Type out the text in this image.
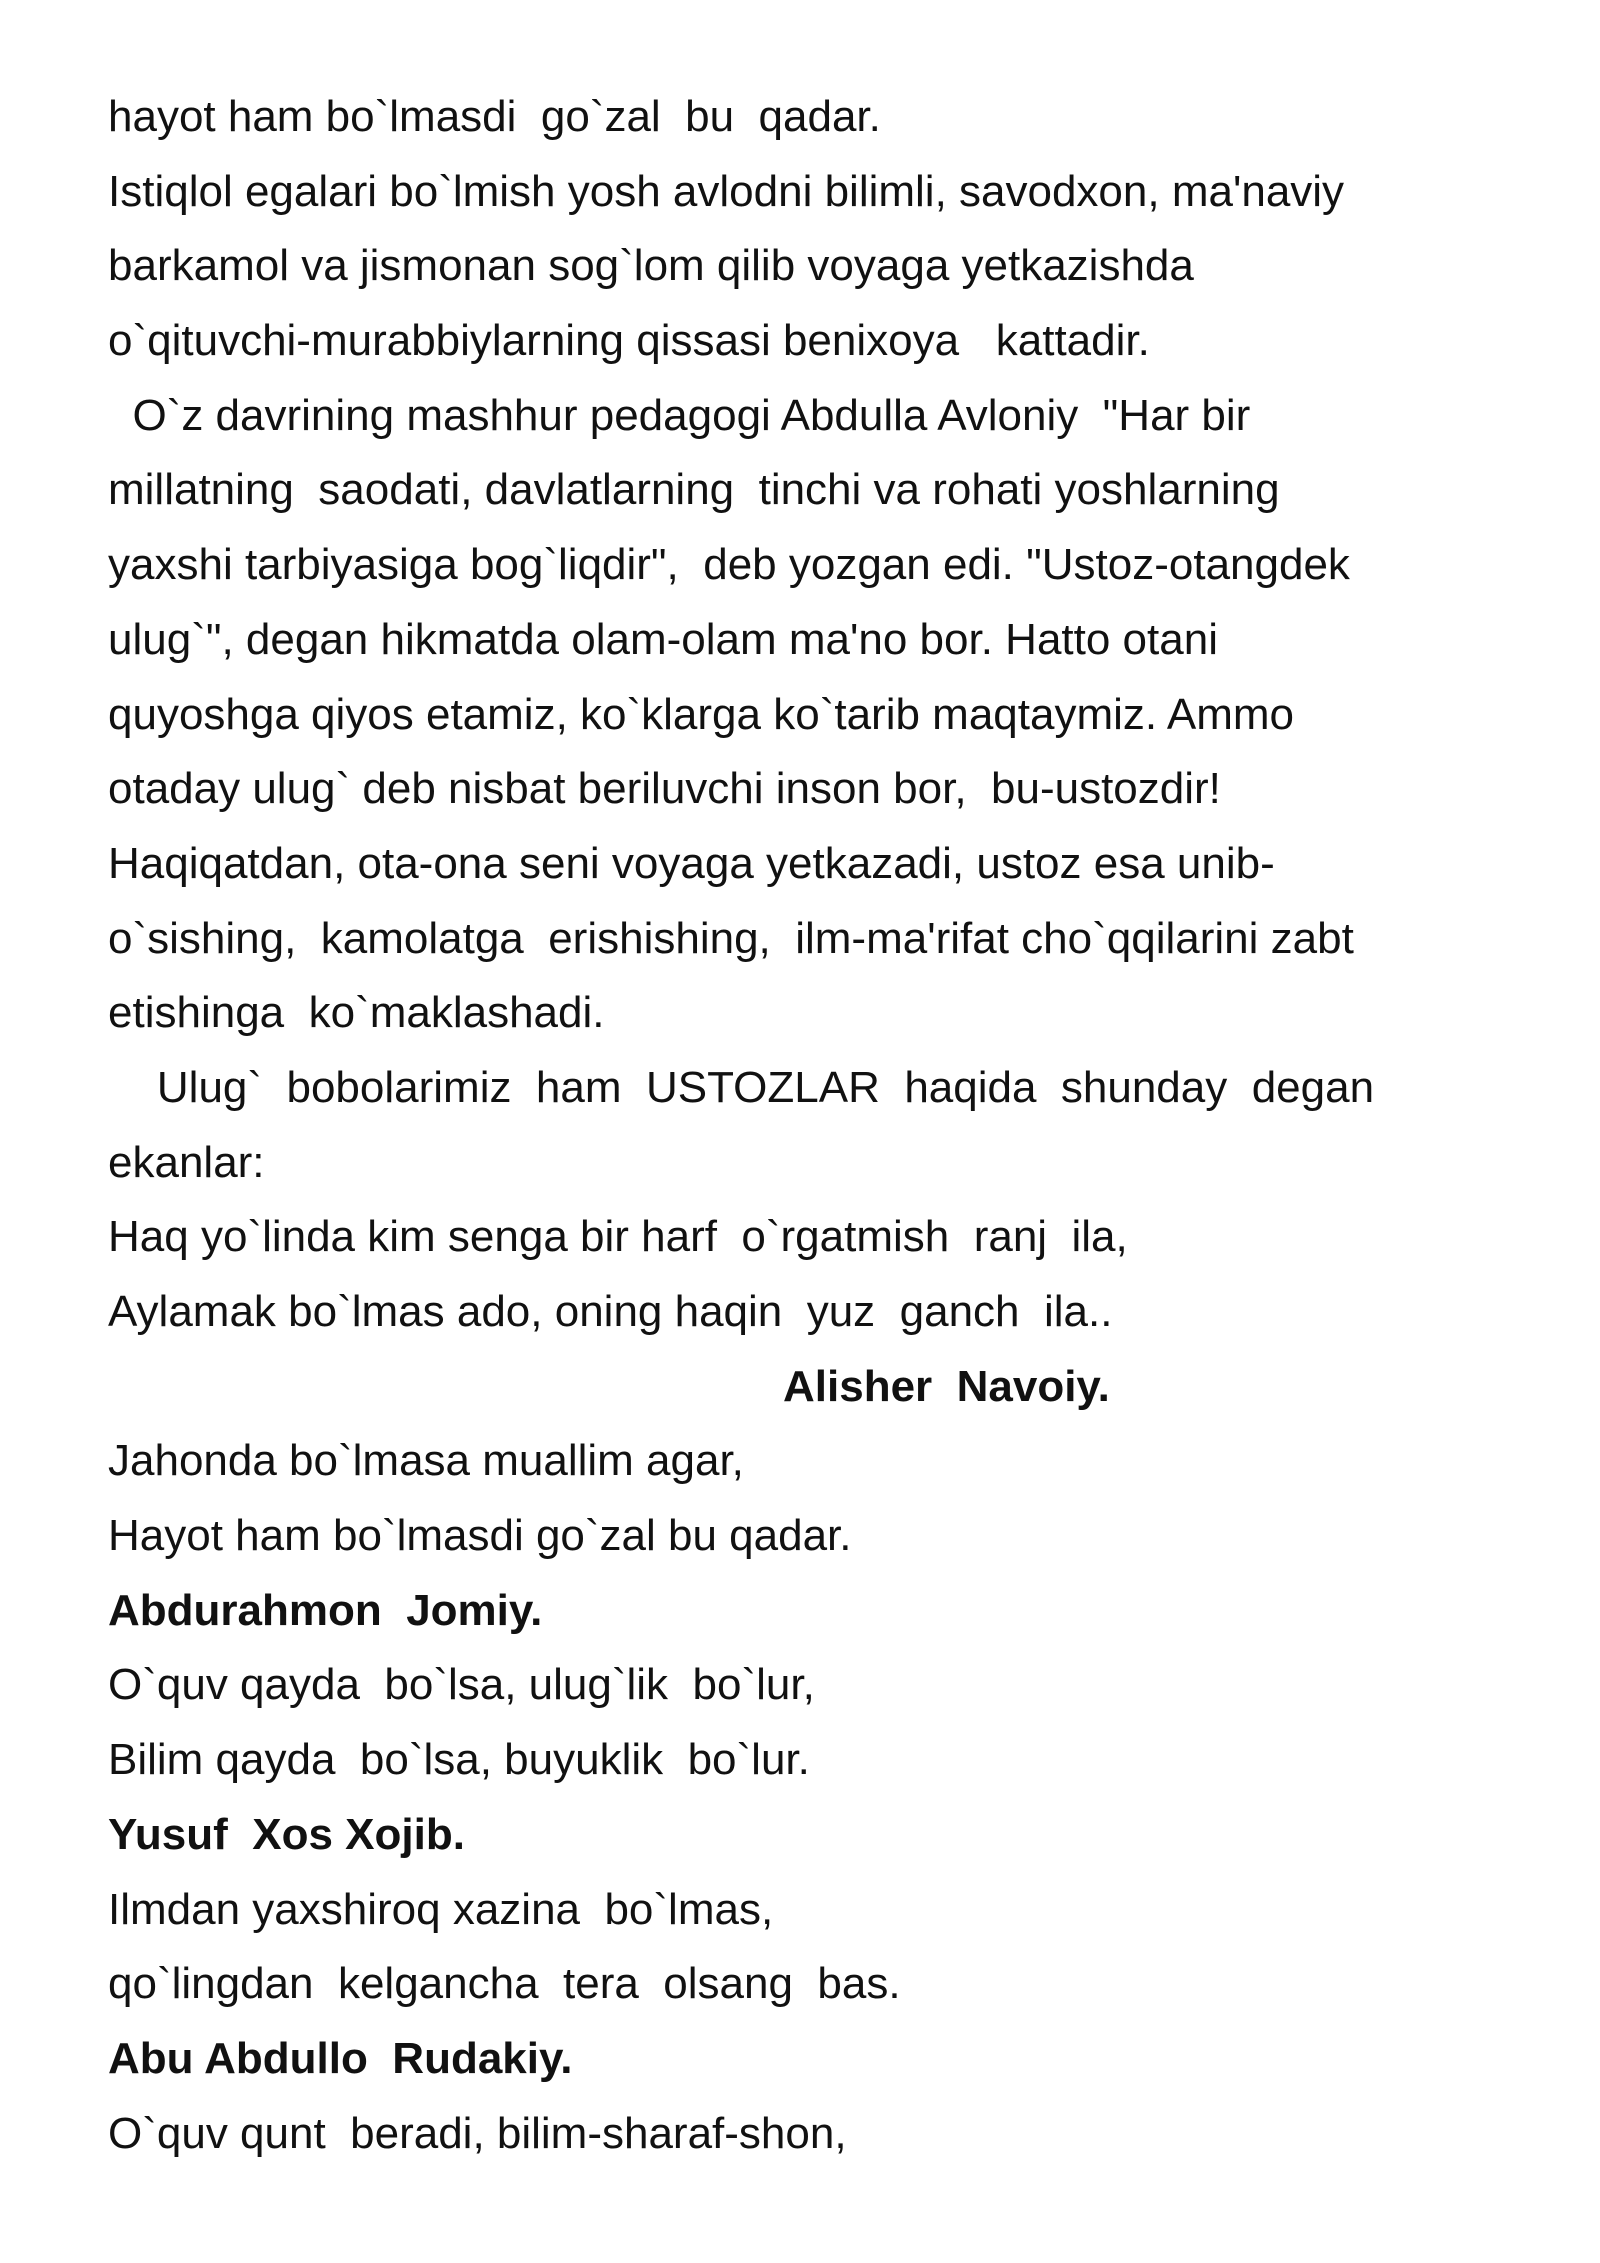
hayot ham bo`lmasdi  go`zal  bu  qadar.
Istiqlol egalari bo`lmish yosh avlodni bilimli, savodxon, ma'naviy
barkamol va jismonan sog`lom qilib voyaga yetkazishda
o`qituvchi-murabbiylarning qissasi benixoya   kattadir.
O`z davrining mashhur pedagogi Abdulla Avloniy  "Har bir
millatning  saodati, davlatlarning  tinchi va rohati yoshlarning
yaxshi tarbiyasiga bog`liqdir",  deb yozgan edi. "Ustoz-otangdek
ulug`", degan hikmatda olam-olam ma'no bor. Hatto otani
quyoshga qiyos etamiz, ko`klarga ko`tarib maqtaymiz. Ammo
otaday ulug` deb nisbat beriluvchi inson bor,  bu-ustozdir!
Haqiqatdan, ota-ona seni voyaga yetkazadi, ustoz esa unib-
o`sishing,  kamolatga  erishishing,  ilm-ma'rifat cho`qqilarini zabt
etishinga  ko`maklashadi.
Ulug`  bobolarimiz  ham  USTOZLAR  haqida  shunday  degan
ekanlar:
Haq yo`linda kim senga bir harf  o`rgatmish  ranj  ila,
Aylamak bo`lmas ado, oning haqin  yuz  ganch  ila..
Alisher  Navoiy.
Jahonda bo`lmasa muallim agar,
Hayot ham bo`lmasdi go`zal bu qadar.
Abdurahmon  Jomiy.
O`quv qayda  bo`lsa, ulug`lik  bo`lur,
Bilim qayda  bo`lsa, buyuklik  bo`lur.
Yusuf  Xos Xojib.
Ilmdan yaxshiroq xazina  bo`lmas,
qo`lingdan  kelgancha  tera  olsang  bas.
Abu Abdullo  Rudakiy.
O`quv qunt  beradi, bilim-sharaf-shon,
